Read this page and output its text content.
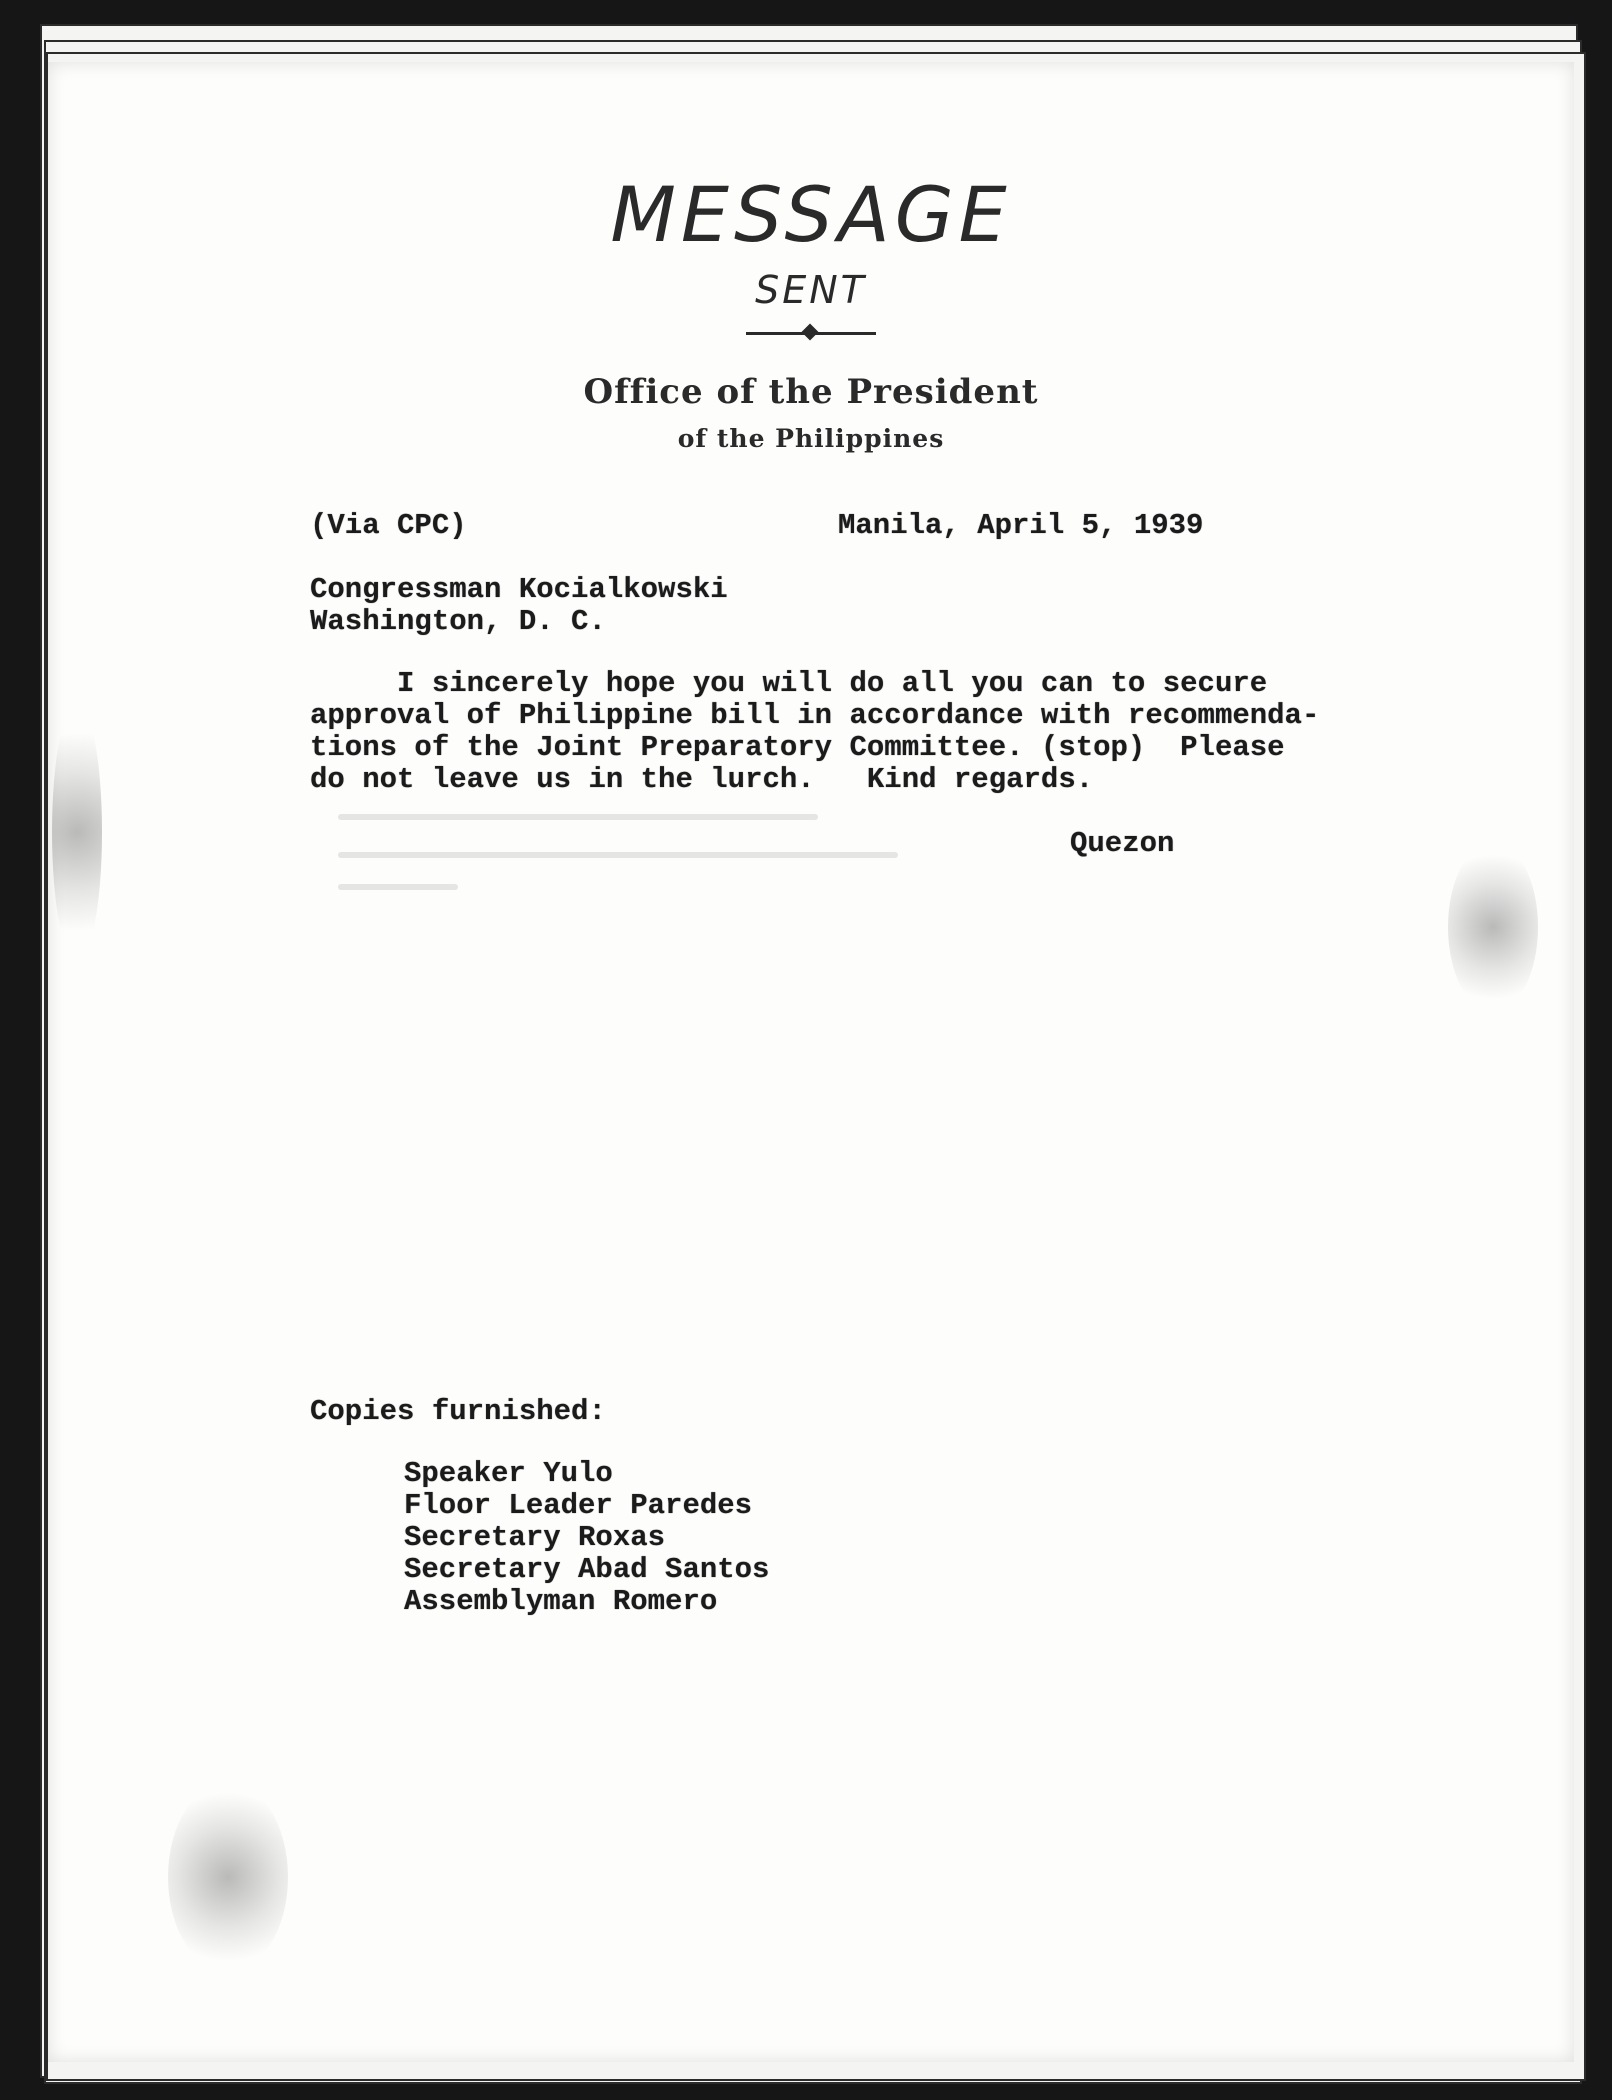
MESSAGE
SENT
Office of the President
of the Philippines
(Via CPC)	Manila, April 5, 1939
Congressman Kocialkowski
Washington, D. C.
I sincerely hope you will do all you can to secure
approval of Philippine bill in accordance with recommenda-
tions of the Joint Preparatory Committee. (stop)  Please
do not leave us in the lurch.   Kind regards.
Quezon
Copies furnished:
Speaker Yulo
Floor Leader Paredes
Secretary Roxas
Secretary Abad Santos
Assemblyman Romero
